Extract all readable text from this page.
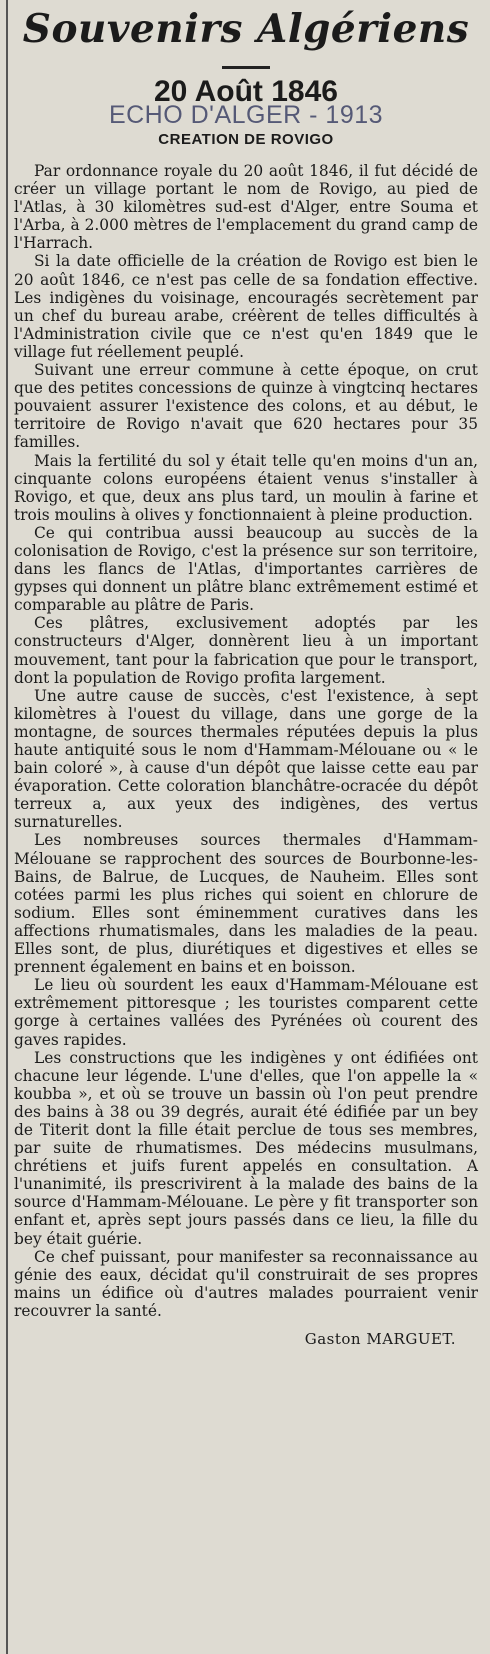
Souvenirs Algériens
20 Août 1846
ECHO D'ALGER - 1913
CREATION DE ROVIGO

Par ordonnance royale du 20 août 1846, il fut décidé de créer un village portant le nom de Rovigo, au pied de l'Atlas, à 30 kilomètres sud-est d'Alger, entre Souma et l'Arba, à 2.000 mètres de l'emplacement du grand camp de l'Harrach.

Si la date officielle de la création de Rovigo est bien le 20 août 1846, ce n'est pas celle de sa fondation effective. Les indigènes du voisinage, encouragés secrètement par un chef du bureau arabe, créèrent de telles difficultés à l'Administration civile que ce n'est qu'en 1849 que le village fut réellement peuplé.

Suivant une erreur commune à cette époque, on crut que des petites concessions de quinze à vingtcinq hectares pouvaient assurer l'existence des colons, et au début, le territoire de Rovigo n'avait que 620 hectares pour 35 familles.

Mais la fertilité du sol y était telle qu'en moins d'un an, cinquante colons européens étaient venus s'installer à Rovigo, et que, deux ans plus tard, un moulin à farine et trois moulins à olives y fonctionnaient à pleine production.

Ce qui contribua aussi beaucoup au succès de la colonisation de Rovigo, c'est la présence sur son territoire, dans les flancs de l'Atlas, d'importantes carrières de gypses qui donnent un plâtre blanc extrêmement estimé et comparable au plâtre de Paris.

Ces plâtres, exclusivement adoptés par les constructeurs d'Alger, donnèrent lieu à un important mouvement, tant pour la fabrication que pour le transport, dont la population de Rovigo profita largement.

Une autre cause de succès, c'est l'existence, à sept kilomètres à l'ouest du village, dans une gorge de la montagne, de sources thermales réputées depuis la plus haute antiquité sous le nom d'Hammam-Mélouane ou « le bain coloré », à cause d'un dépôt que laisse cette eau par évaporation. Cette coloration blanchâtre-ocracée du dépôt terreux a, aux yeux des indigènes, des vertus surnaturelles.

Les nombreuses sources thermales d'Hammam-Mélouane se rapprochent des sources de Bourbonne-les-Bains, de Balrue, de Lucques, de Nauheim. Elles sont cotées parmi les plus riches qui soient en chlorure de sodium. Elles sont éminemment curatives dans les affections rhumatismales, dans les maladies de la peau. Elles sont, de plus, diurétiques et digestives et elles se prennent également en bains et en boisson.

Le lieu où sourdent les eaux d'Hammam-Mélouane est extrêmement pittoresque ; les touristes comparent cette gorge à certaines vallées des Pyrénées où courent des gaves rapides.

Les constructions que les indigènes y ont édifiées ont chacune leur légende. L'une d'elles, que l'on appelle la « koubba », et où se trouve un bassin où l'on peut prendre des bains à 38 ou 39 degrés, aurait été édifiée par un bey de Titerit dont la fille était perclue de tous ses membres, par suite de rhumatismes. Des médecins musulmans, chrétiens et juifs furent appelés en consultation. A l'unanimité, ils prescrivirent à la malade des bains de la source d'Hammam-Mélouane. Le père y fit transporter son enfant et, après sept jours passés dans ce lieu, la fille du bey était guérie.

Ce chef puissant, pour manifester sa reconnaissance au génie des eaux, décidat qu'il construirait de ses propres mains un édifice où d'autres malades pourraient venir recouvrer la santé.

Gaston MARGUET.
